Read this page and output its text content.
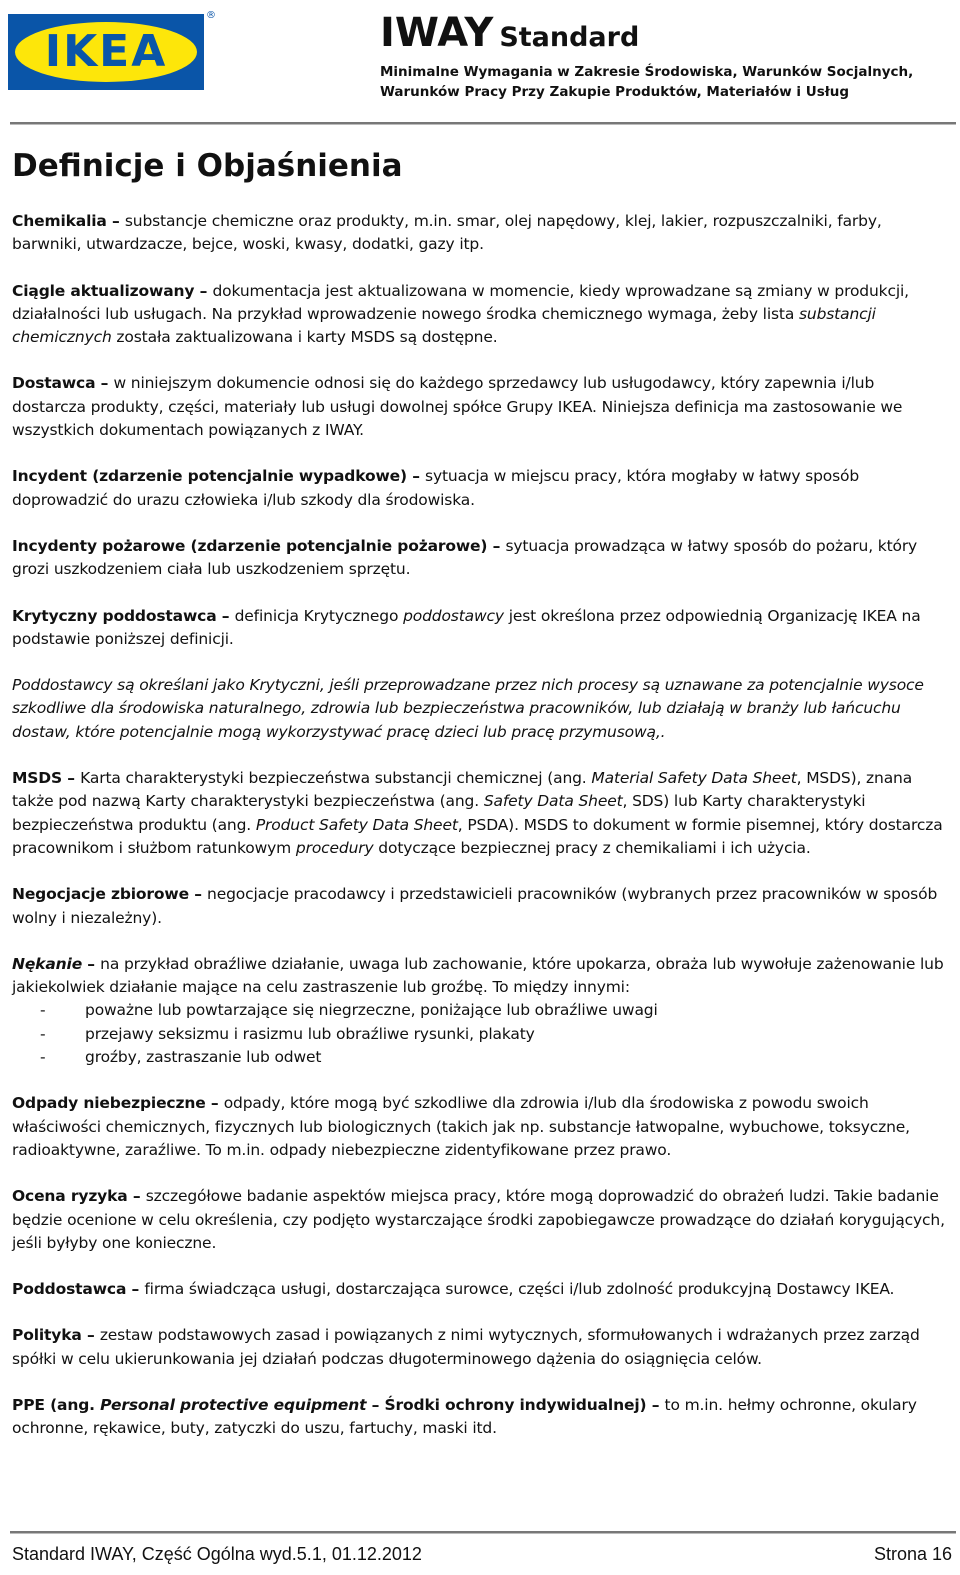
IKEA
®	IWAY Standard
Minimalne Wymagania w Zakresie Środowiska, Warunków Socjalnych,
Warunków Pracy Przy Zakupie Produktów, Materiałów i Usług
Definicje i Objaśnienia

Chemikalia – substancje chemiczne oraz produkty, m.in. smar, olej napędowy, klej, lakier, rozpuszczalniki, farby, barwniki, utwardzacze, bejce, woski, kwasy, dodatki, gazy itp.

Ciągle aktualizowany – dokumentacja jest aktualizowana w momencie, kiedy wprowadzane są zmiany w produkcji, działalności lub usługach. Na przykład wprowadzenie nowego środka chemicznego wymaga, żeby lista substancji chemicznych została zaktualizowana i karty MSDS są dostępne.

Dostawca – w niniejszym dokumencie odnosi się do każdego sprzedawcy lub usługodawcy, który zapewnia i/lub dostarcza produkty, części, materiały lub usługi dowolnej spółce Grupy IKEA. Niniejsza definicja ma zastosowanie we wszystkich dokumentach powiązanych z IWAY.

Incydent (zdarzenie potencjalnie wypadkowe) – sytuacja w miejscu pracy, która mogłaby w łatwy sposób doprowadzić do urazu człowieka i/lub szkody dla środowiska.

Incydenty pożarowe (zdarzenie potencjalnie pożarowe) – sytuacja prowadząca w łatwy sposób do pożaru, który grozi uszkodzeniem ciała lub uszkodzeniem sprzętu.

Krytyczny poddostawca – definicja Krytycznego poddostawcy jest określona przez odpowiednią Organizację IKEA na podstawie poniższej definicji.

Poddostawcy są określani jako Krytyczni, jeśli przeprowadzane przez nich procesy są uznawane za potencjalnie wysoce szkodliwe dla środowiska naturalnego, zdrowia lub bezpieczeństwa pracowników, lub działają w branży lub łańcuchu dostaw, które potencjalnie mogą wykorzystywać pracę dzieci lub pracę przymusową,.

MSDS – Karta charakterystyki bezpieczeństwa substancji chemicznej (ang. Material Safety Data Sheet, MSDS), znana także pod nazwą Karty charakterystyki bezpieczeństwa (ang. Safety Data Sheet, SDS) lub Karty charakterystyki bezpieczeństwa produktu (ang. Product Safety Data Sheet, PSDA). MSDS to dokument w formie pisemnej, który dostarcza pracownikom i służbom ratunkowym procedury dotyczące bezpiecznej pracy z chemikaliami i ich użycia.

Negocjacje zbiorowe – negocjacje pracodawcy i przedstawicieli pracowników (wybranych przez pracowników w sposób wolny i niezależny).

Nękanie – na przykład obraźliwe działanie, uwaga lub zachowanie, które upokarza, obraża lub wywołuje zażenowanie lub jakiekolwiek działanie mające na celu zastraszenie lub groźbę. To między innymi:
-	poważne lub powtarzające się niegrzeczne, poniżające lub obraźliwe uwagi
-	przejawy seksizmu i rasizmu lub obraźliwe rysunki, plakaty
-	groźby, zastraszanie lub odwet

Odpady niebezpieczne – odpady, które mogą być szkodliwe dla zdrowia i/lub dla środowiska z powodu swoich właściwości chemicznych, fizycznych lub biologicznych (takich jak np. substancje łatwopalne, wybuchowe, toksyczne, radioaktywne, zaraźliwe. To m.in. odpady niebezpieczne zidentyfikowane przez prawo.

Ocena ryzyka – szczegółowe badanie aspektów miejsca pracy, które mogą doprowadzić do obrażeń ludzi. Takie badanie będzie ocenione w celu określenia, czy podjęto wystarczające środki zapobiegawcze prowadzące do działań korygujących, jeśli byłyby one konieczne.

Poddostawca – firma świadcząca usługi, dostarczająca surowce, części i/lub zdolność produkcyjną Dostawcy IKEA.

Polityka – zestaw podstawowych zasad i powiązanych z nimi wytycznych, sformułowanych i wdrażanych przez zarząd spółki w celu ukierunkowania jej działań podczas długoterminowego dążenia do osiągnięcia celów.

PPE (ang. Personal protective equipment – Środki ochrony indywidualnej) – to m.in. hełmy ochronne, okulary ochronne, rękawice, buty, zatyczki do uszu, fartuchy, maski itd.

Standard IWAY, Część Ogólna wyd.5.1, 01.12.2012	Strona 16
